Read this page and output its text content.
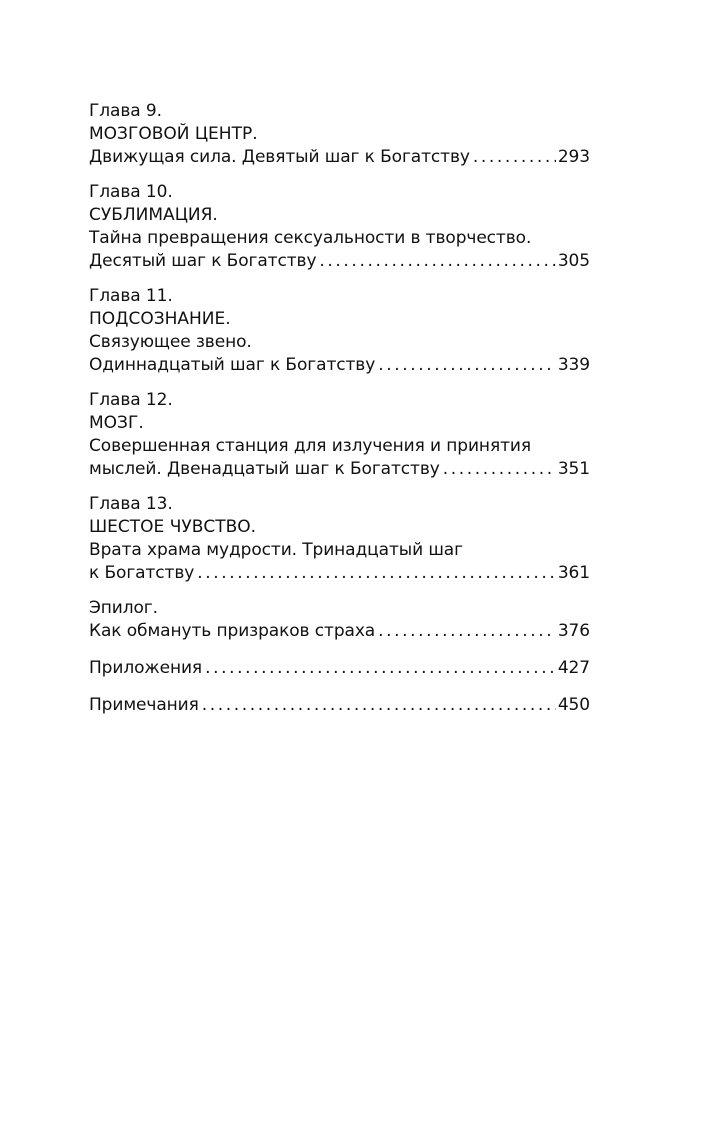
Глава 9.
МОЗГОВОЙ ЦЕНТР.
Движущая сила. Девятый шаг к Богатству .....	293
Глава 10.
СУБЛИМАЦИЯ.
Тайна превращения сексуальности в творчество.
Десятый шаг к Богатству .....	305
Глава 11.
ПОДСОЗНАНИЕ.
Связующее звено.
Одиннадцатый шаг к Богатству .....	339
Глава 12.
МОЗГ.
Совершенная станция для излучения и принятия
мыслей. Двенадцатый шаг к Богатству .....	351
Глава 13.
ШЕСТОЕ ЧУВСТВО.
Врата храма мудрости. Тринадцатый шаг
к Богатству .....	361
Эпилог.
Как обмануть призраков страха .....	376
Приложения .....	427
Примечания .....	450
